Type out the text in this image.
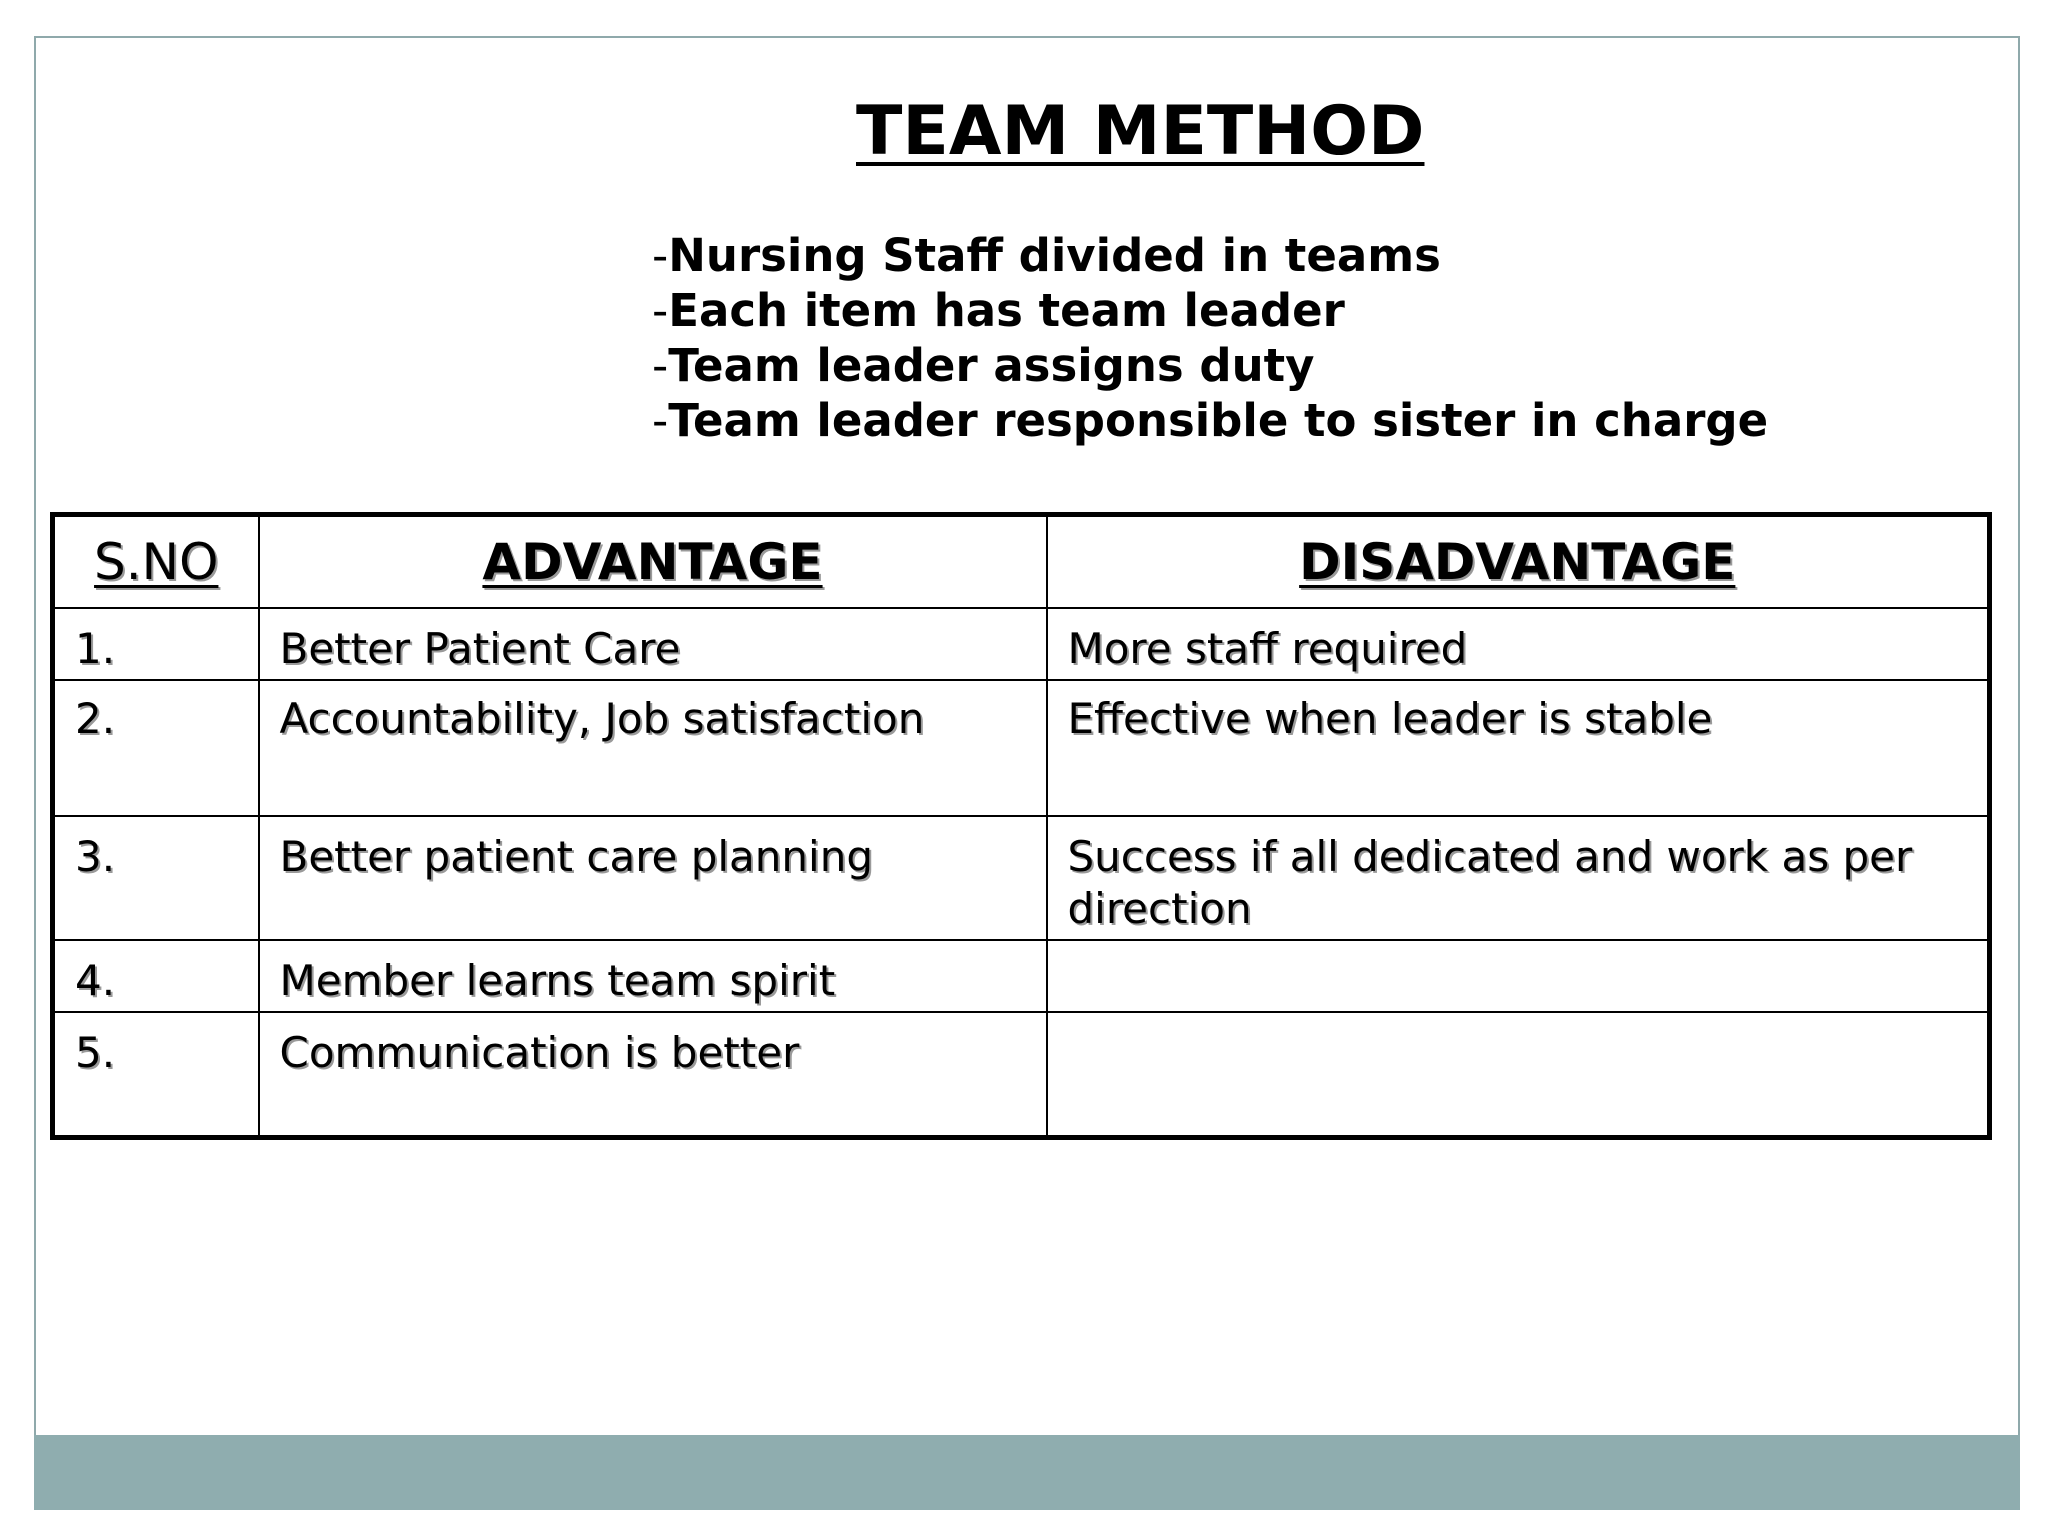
TEAM METHOD
-Nursing Staff divided in teams
-Each item has team leader
-Team leader assigns duty
-Team leader responsible to sister in charge
S.NO	ADVANTAGE	DISADVANTAGE
1.	Better Patient Care	More staff required
2.	Accountability, Job satisfaction	Effective when leader is stable
3.	Better patient care planning	Success if all dedicated and work as per direction
4.	Member learns team spirit	
5.	Communication is better	
